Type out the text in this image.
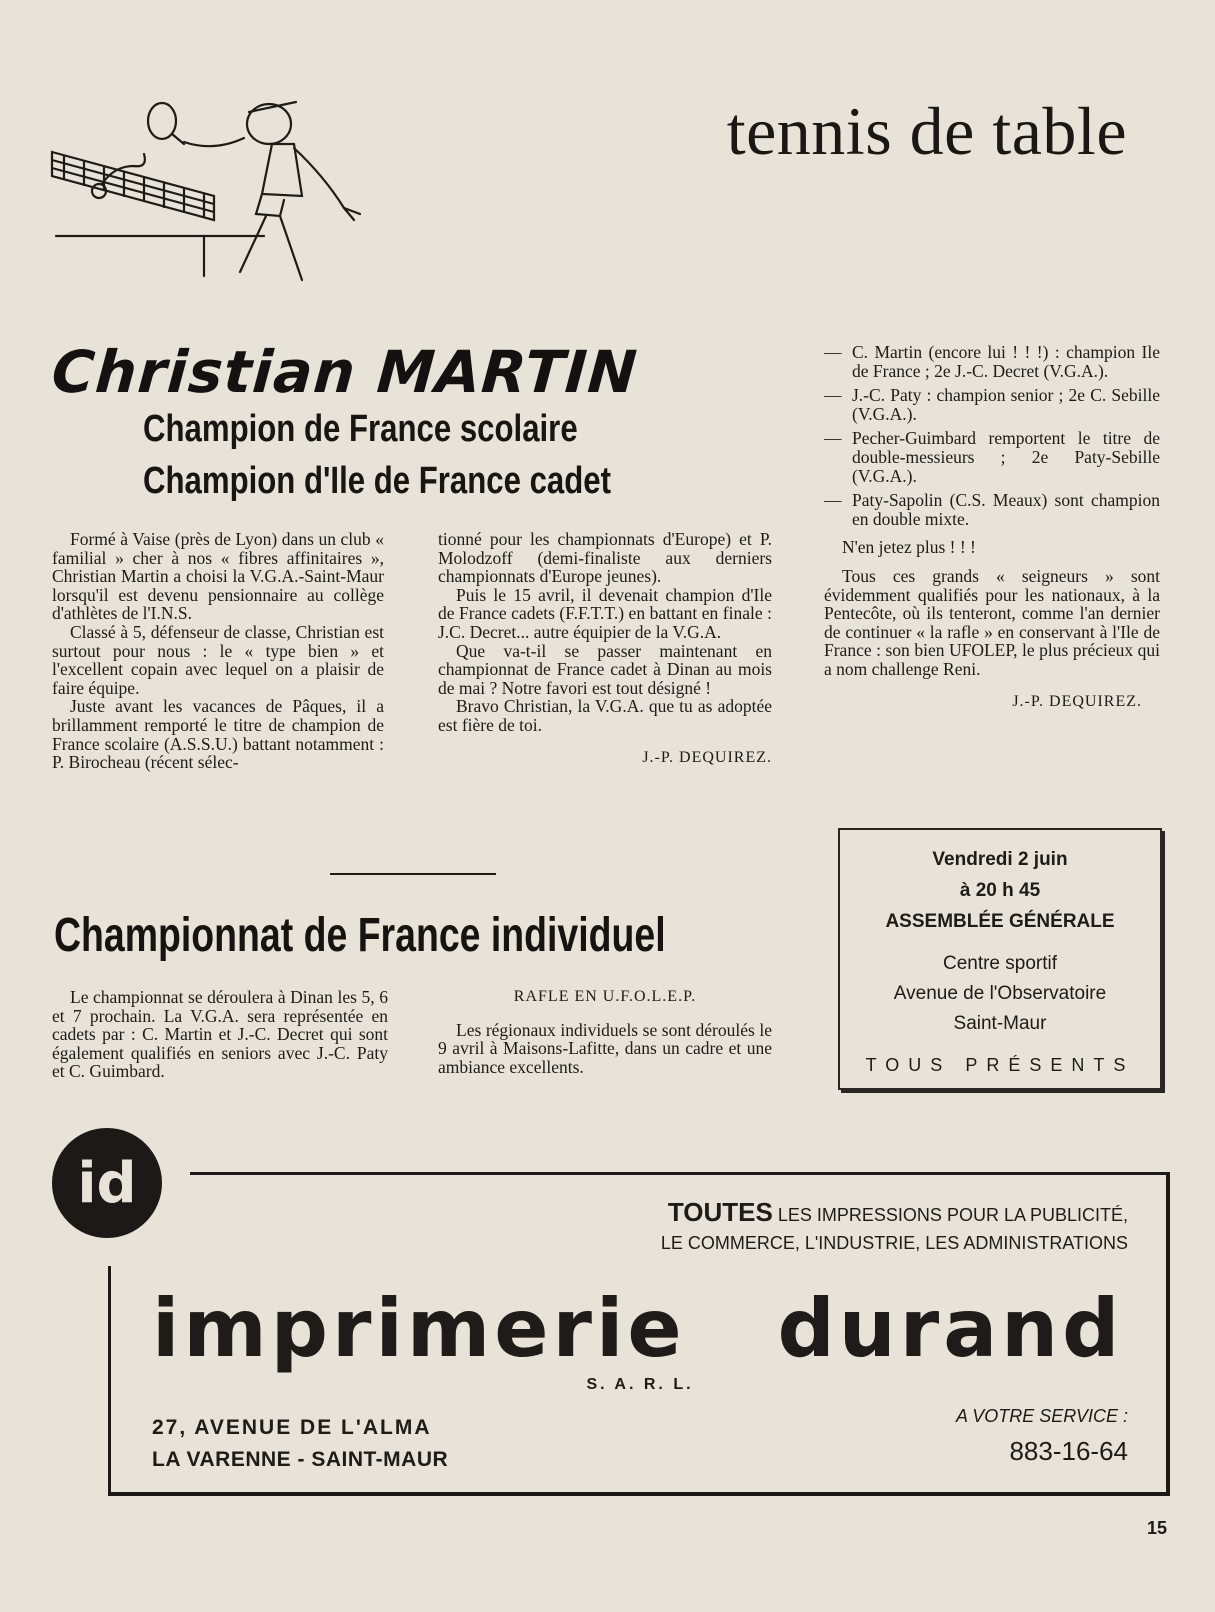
tennis de table
Christian MARTIN
Champion de France scolaire
Champion d'Ile de France cadet

Formé à Vaise (près de Lyon) dans un club « familial » cher à nos « fibres affinitaires », Christian Martin a choisi la V.G.A.-Saint-Maur lorsqu'il est devenu pensionnaire au collège d'athlètes de l'I.N.S.

Classé à 5, défenseur de classe, Christian est surtout pour nous : le « type bien » et l'excellent copain avec lequel on a plaisir de faire équipe.

Juste avant les vacances de Pâques, il a brillamment remporté le titre de champion de France scolaire (A.S.S.U.) battant notamment : P. Birocheau (récent sélec-

tionné pour les championnats d'Europe) et P. Molodzoff (demi-finaliste aux derniers championnats d'Europe jeunes).

Puis le 15 avril, il devenait champion d'Ile de France cadets (F.F.T.T.) en battant en finale : J.C. Decret... autre équipier de la V.G.A.

Que va-t-il se passer maintenant en championnat de France cadet à Dinan au mois de mai ? Notre favori est tout désigné !

Bravo Christian, la V.G.A. que tu as adoptée est fière de toi.

J.-P. DEQUIREZ.
— C. Martin (encore lui ! ! !) : champion Ile de France ; 2e J.-C. Decret (V.G.A.).
— J.-C. Paty : champion senior ; 2e C. Sebille (V.G.A.).
— Pecher-Guimbard remportent le titre de double-messieurs ; 2e Paty-Sebille (V.G.A.).
— Paty-Sapolin (C.S. Meaux) sont champion en double mixte.

N'en jetez plus ! ! !

Tous ces grands « seigneurs » sont évidemment qualifiés pour les nationaux, à la Pentecôte, où ils tenteront, comme l'an dernier de continuer « la rafle » en conservant à l'Ile de France : son bien UFOLEP, le plus précieux qui a nom challenge Reni.

J.-P. DEQUIREZ.
Championnat de France individuel

Le championnat se déroulera à Dinan les 5, 6 et 7 prochain. La V.G.A. sera représentée en cadets par : C. Martin et J.-C. Decret qui sont également qualifiés en seniors avec J.-C. Paty et C. Guimbard.

RAFLE EN U.F.O.L.E.P.

Les régionaux individuels se sont déroulés le 9 avril à Maisons-Lafitte, dans un cadre et une ambiance excellents.

Vendredi 2 juin
à 20 h 45
ASSEMBLÉE GÉNÉRALE
Centre sportif
Avenue de l'Observatoire
Saint-Maur
TOUS PRÉSENTS
id	TOUTES LES IMPRESSIONS POUR LA PUBLICITÉ,
LE COMMERCE, L'INDUSTRIE, LES ADMINISTRATIONS
imprimerie durand
S. A. R. L.
27, AVENUE DE L'ALMA
LA VARENNE - SAINT-MAUR
A VOTRE SERVICE :
883-16-64
15
